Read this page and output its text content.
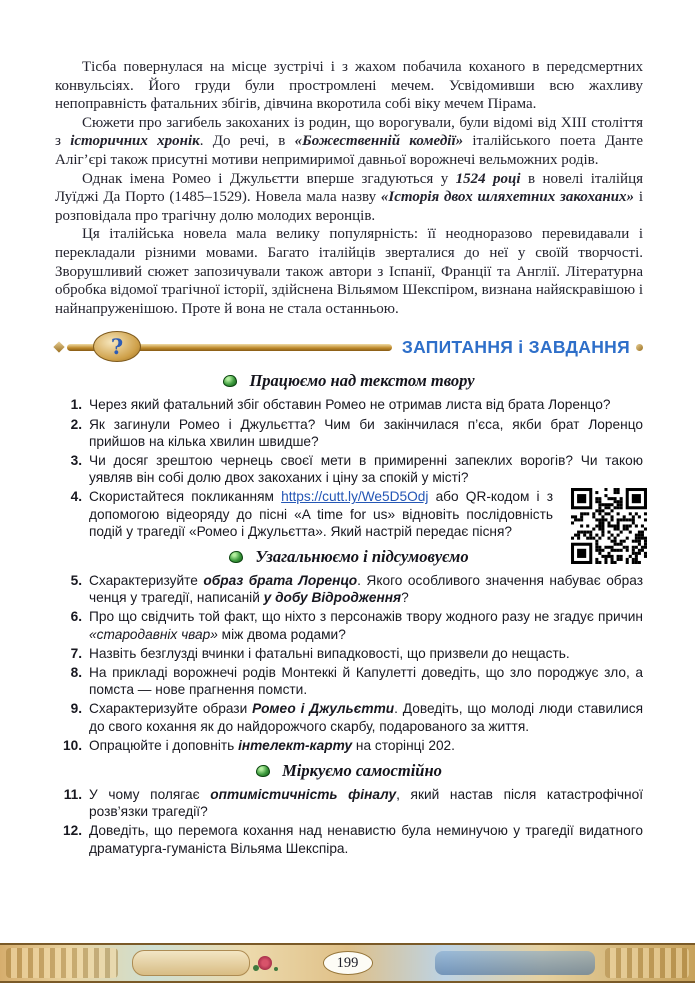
Тісба повернулася на місце зустрічі і з жахом побачила коханого в передсмертних конвульсіях. Його груди були простромлені мечем. Усвідомивши всю жахливу непоправність фатальних збігів, дівчина вкоротила собі віку мечем Пірама.

Сюжети про загибель закоханих із родин, що ворогували, були відомі від XIII століття з історичних хронік. До речі, в «Божественній комедії» італійського поета Данте Аліг’єрі також присутні мотиви непримиримої давньої ворожнечі вельможних родів.

Однак імена Ромео і Джульєтти вперше згадуються у 1524 році в новелі італійця Луїджі Да Порто (1485–1529). Новела мала назву «Історія двох шляхетних закоханих» і розповідала про трагічну долю молодих веронців.

Ця італійська новела мала велику популярність: її неодноразово перевидавали і перекладали різними мовами. Багато італійців зверталися до неї у своїй творчості. Зворушливий сюжет запозичували також автори з Іспанії, Франції та Англії. Літературна обробка відомої трагічної історії, здійснена Вільямом Шекспіром, визнана найяскравішою і найнапруженішою. Проте й вона не стала останньою.

?	ЗАПИТАННЯ і ЗАВДАННЯ
Працюємо над текстом твору
1. Через який фатальний збіг обставин Ромео не отримав листа від брата Лоренцо?
2. Як загинули Ромео і Джульєтта? Чим би закінчилася п’єса, якби брат Лоренцо прийшов на кілька хвилин швидше?
3. Чи досяг зрештою чернець своєї мети в примиренні запеклих ворогів? Чи такою уявляв він собі долю двох закоханих і ціну за спокій у місті?
4. Скористайтеся покликанням https://cutt.ly/We5D5Odj або QR-кодом і з допомогою відеоряду до пісні «A time for us» відновіть послідовність подій у трагедії «Ромео і Джульєтта». Який настрій передає пісня?
Узагальнюємо і підсумовуємо
5. Схарактеризуйте образ брата Лоренцо. Якого особливого значення набуває образ ченця у трагедії, написаній у добу Відродження?
6. Про що свідчить той факт, що ніхто з персонажів твору жодного разу не згадує причин «стародавніх чвар» між двома родами?
7. Назвіть безглузді вчинки і фатальні випадковості, що призвели до нещасть.
8. На прикладі ворожнечі родів Монтеккі й Капулетті доведіть, що зло породжує зло, а помста — нове прагнення помсти.
9. Схарактеризуйте образи Ромео і Джульєтти. Доведіть, що молоді люди ставилися до свого кохання як до найдорожчого скарбу, подарованого за життя.
10. Опрацюйте і доповніть інтелект-карту на сторінці 202.
Міркуємо самостійно
11. У чому полягає оптимістичність фіналу, який настав після катастрофічної розв’язки трагедії?
12. Доведіть, що перемога кохання над ненавистю була неминучою у трагедії видатного драматурга-гуманіста Вільяма Шекспіра.
199
